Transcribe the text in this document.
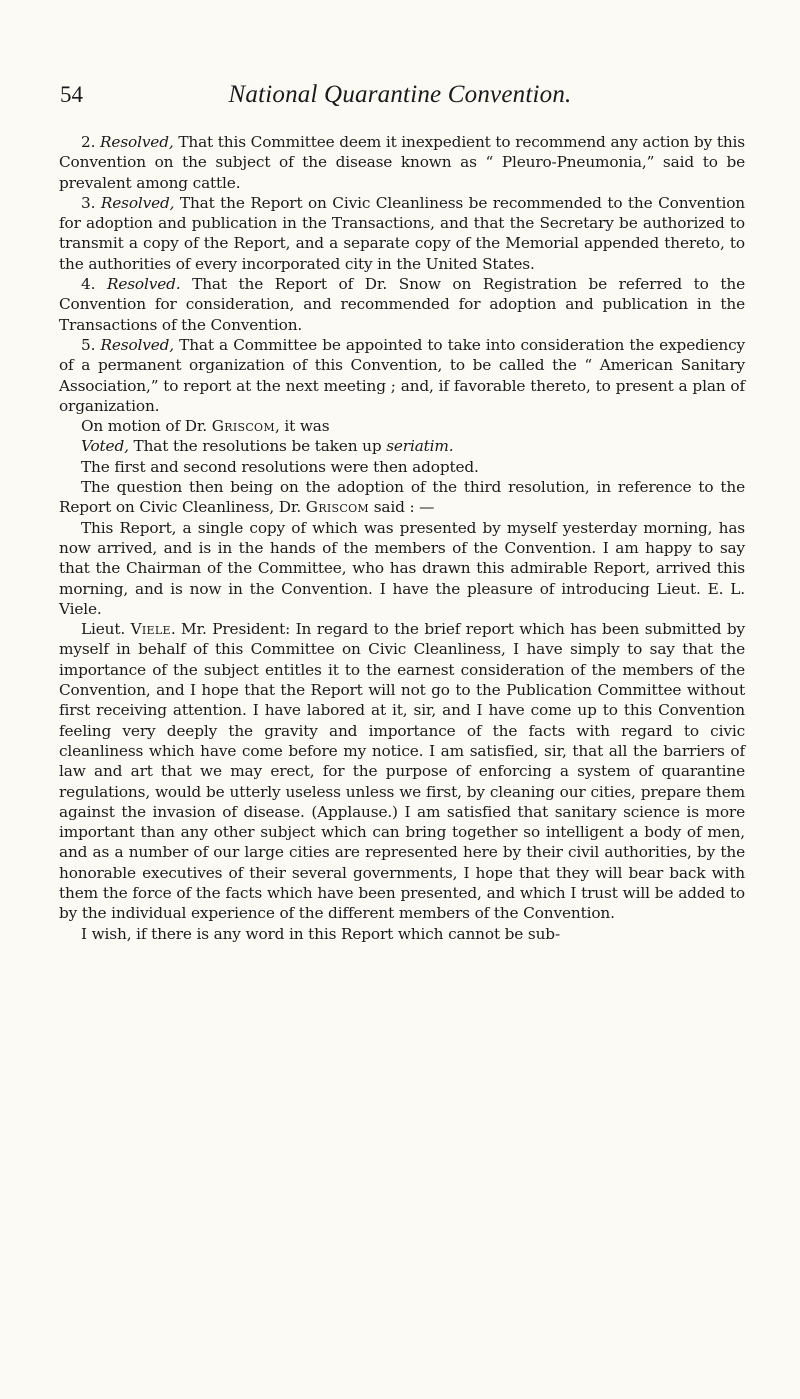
54	National Quarantine Convention.

2. Resolved, That this Committee deem it inexpedient to recommend any action by this Convention on the subject of the disease known as “ Pleuro-Pneumonia,” said to be prevalent among cattle.

3. Resolved, That the Report on Civic Cleanliness be recommended to the Convention for adoption and publication in the Transactions, and that the Secretary be authorized to transmit a copy of the Report, and a separate copy of the Memorial appended thereto, to the authorities of every incorporated city in the United States.

4. Resolved. That the Report of Dr. Snow on Registration be referred to the Convention for consideration, and recommended for adoption and publication in the Transactions of the Convention.

5. Resolved, That a Committee be appointed to take into consideration the expediency of a permanent organization of this Convention, to be called the “ American Sanitary Association,” to report at the next meeting ; and, if favorable thereto, to present a plan of organization.

On motion of Dr. Griscom, it was

Voted, That the resolutions be taken up seriatim.

The first and second resolutions were then adopted.

The question then being on the adoption of the third resolution, in reference to the Report on Civic Cleanliness, Dr. Griscom said : —

This Report, a single copy of which was presented by myself yesterday morning, has now arrived, and is in the hands of the members of the Convention. I am happy to say that the Chairman of the Committee, who has drawn this admirable Report, arrived this morning, and is now in the Convention. I have the pleasure of introducing Lieut. E. L. Viele.

Lieut. Viele. Mr. President: In regard to the brief report which has been submitted by myself in behalf of this Committee on Civic Cleanliness, I have simply to say that the importance of the subject entitles it to the earnest consideration of the members of the Convention, and I hope that the Report will not go to the Publication Committee without first receiving attention. I have labored at it, sir, and I have come up to this Convention feeling very deeply the gravity and importance of the facts with regard to civic cleanliness which have come before my notice. I am satisfied, sir, that all the barriers of law and art that we may erect, for the purpose of enforcing a system of quarantine regulations, would be utterly useless unless we first, by cleaning our cities, prepare them against the invasion of disease. (Applause.) I am satisfied that sanitary science is more important than any other subject which can bring together so intelligent a body of men, and as a number of our large cities are represented here by their civil authorities, by the honorable executives of their several governments, I hope that they will bear back with them the force of the facts which have been presented, and which I trust will be added to by the individual experience of the different members of the Convention.

I wish, if there is any word in this Report which cannot be sub-
